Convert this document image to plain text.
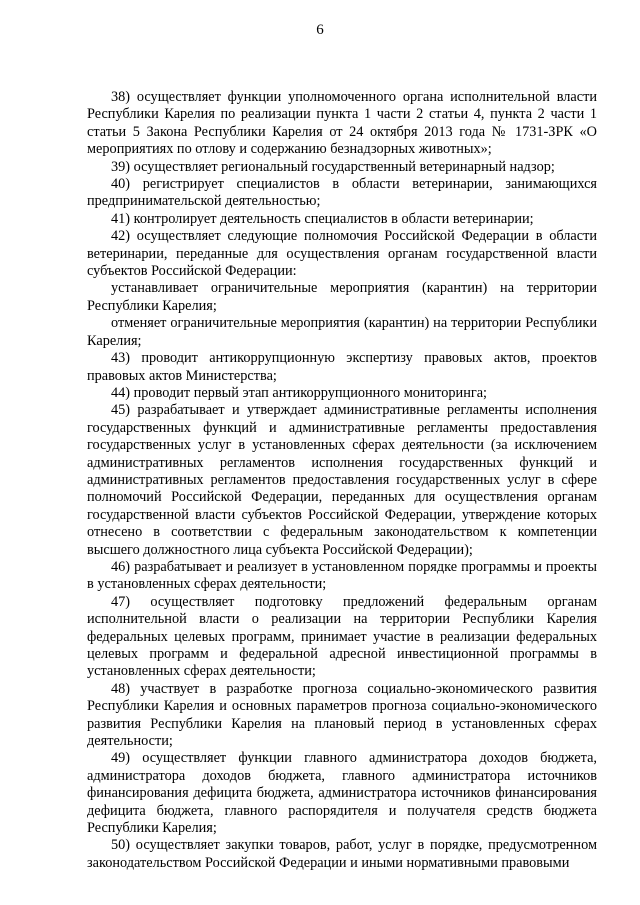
6

38) осуществляет функции уполномоченного органа исполнительной власти Республики Карелия по реализации пункта 1 части 2 статьи 4, пункта 2 части 1 статьи 5 Закона Республики Карелия от 24 октября 2013 года № 1731-ЗРК «О мероприятиях по отлову и содержанию безнадзорных животных»;

39) осуществляет региональный государственный ветеринарный надзор;

40) регистрирует специалистов в области ветеринарии, занимающихся предпринимательской деятельностью;

41) контролирует деятельность специалистов в области ветеринарии;

42) осуществляет следующие полномочия Российской Федерации в области ветеринарии, переданные для осуществления органам государственной власти субъектов Российской Федерации:

устанавливает ограничительные мероприятия (карантин) на территории Республики Карелия;

отменяет ограничительные мероприятия (карантин) на территории Республики Карелия;

43) проводит антикоррупционную экспертизу правовых актов, проектов правовых актов Министерства;

44) проводит первый этап антикоррупционного мониторинга;

45) разрабатывает и утверждает административные регламенты исполнения государственных функций и административные регламенты предоставления государственных услуг в установленных сферах деятельности (за исключением административных регламентов исполнения государственных функций и административных регламентов предоставления государственных услуг в сфере полномочий Российской Федерации, переданных для осуществления органам государственной власти субъектов Российской Федерации, утверждение которых отнесено в соответствии с федеральным законодательством к компетенции высшего должностного лица субъекта Российской Федерации);

46) разрабатывает и реализует в установленном порядке программы и проекты в установленных сферах деятельности;

47) осуществляет подготовку предложений федеральным органам исполнительной власти о реализации на территории Республики Карелия федеральных целевых программ, принимает участие в реализации федеральных целевых программ и федеральной адресной инвестиционной программы в установленных сферах деятельности;

48) участвует в разработке прогноза социально-экономического развития Республики Карелия и основных параметров прогноза социально-экономического развития Республики Карелия на плановый период в установленных сферах деятельности;

49) осуществляет функции главного администратора доходов бюджета, администратора доходов бюджета, главного администратора источников финансирования дефицита бюджета, администратора источников финансирования дефицита бюджета, главного распорядителя и получателя средств бюджета Республики Карелия;

50) осуществляет закупки товаров, работ, услуг в порядке, предусмотренном законодательством Российской Федерации и иными нормативными правовыми
